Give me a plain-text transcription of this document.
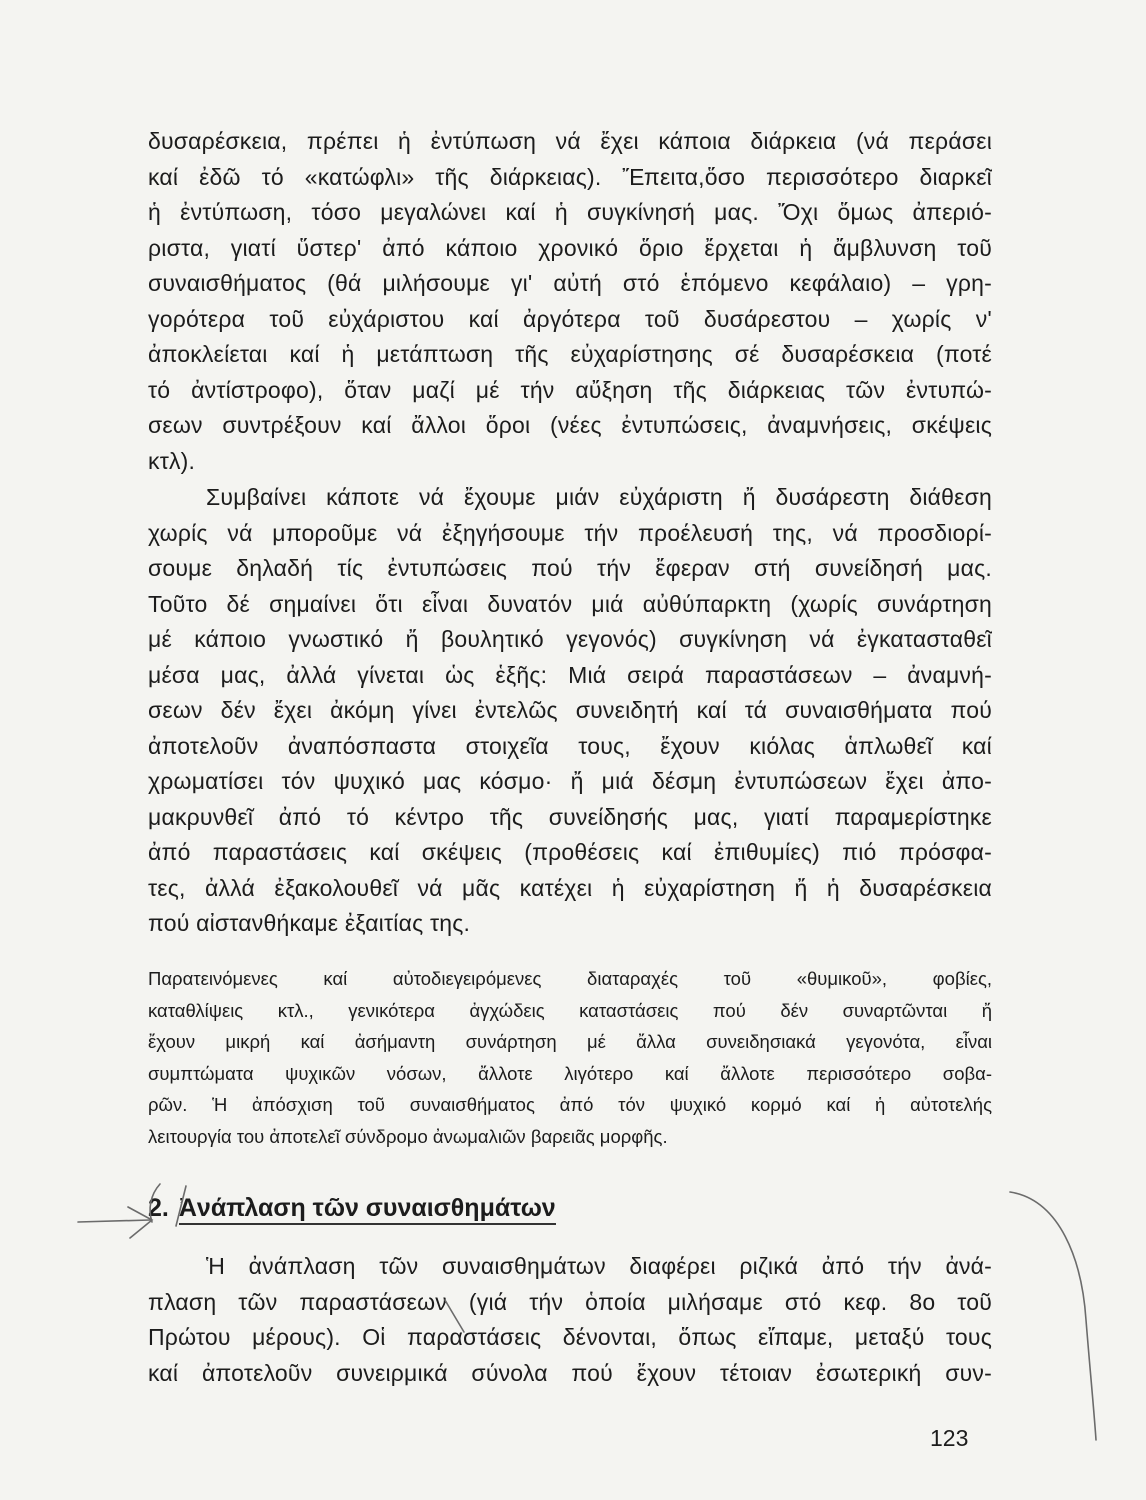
δυσαρέσκεια, πρέπει ἡ ἐντύπωση νά ἔχει κάποια διάρκεια (νά περάσει
καί ἐδῶ τό «κατώφλι» τῆς διάρκειας). Ἔπειτα,ὅσο περισσότερο διαρκεῖ
ἡ ἐντύπωση, τόσο μεγαλώνει καί ἡ συγκίνησή μας. Ὄχι ὅμως ἀπεριό-
ριστα, γιατί ὕστερ' ἀπό κάποιο χρονικό ὅριο ἔρχεται ἡ ἄμβλυνση τοῦ
συναισθήματος (θά μιλήσουμε γι' αὐτή στό ἑπόμενο κεφάλαιο) – γρη-
γορότερα τοῦ εὐχάριστου καί ἀργότερα τοῦ δυσάρεστου – χωρίς ν'
ἀποκλείεται καί ἡ μετάπτωση τῆς εὐχαρίστησης σέ δυσαρέσκεια (ποτέ
τό ἀντίστροφο), ὅταν μαζί μέ τήν αὔξηση τῆς διάρκειας τῶν ἐντυπώ-
σεων συντρέξουν καί ἄλλοι ὅροι (νέες ἐντυπώσεις, ἀναμνήσεις, σκέψεις
κτλ).
Συμβαίνει κάποτε νά ἔχουμε μιάν εὐχάριστη ἤ δυσάρεστη διάθεση
χωρίς νά μποροῦμε νά ἐξηγήσουμε τήν προέλευσή της, νά προσδιορί-
σουμε δηλαδή τίς ἐντυπώσεις πού τήν ἔφεραν στή συνείδησή μας.
Τοῦτο δέ σημαίνει ὅτι εἶναι δυνατόν μιά αὐθύπαρκτη (χωρίς συνάρτηση
μέ κάποιο γνωστικό ἤ βουλητικό γεγονός) συγκίνηση νά ἐγκατασταθεῖ
μέσα μας, ἀλλά γίνεται ὡς ἑξῆς: Μιά σειρά παραστάσεων – ἀναμνή-
σεων δέν ἔχει ἀκόμη γίνει ἐντελῶς συνειδητή καί τά συναισθήματα πού
ἀποτελοῦν ἀναπόσπαστα στοιχεῖα τους, ἔχουν κιόλας ἁπλωθεῖ καί
χρωματίσει τόν ψυχικό μας κόσμο· ἤ μιά δέσμη ἐντυπώσεων ἔχει ἀπο-
μακρυνθεῖ ἀπό τό κέντρο τῆς συνείδησής μας, γιατί παραμερίστηκε
ἀπό παραστάσεις καί σκέψεις (προθέσεις καί ἐπιθυμίες) πιό πρόσφα-
τες, ἀλλά ἐξακολουθεῖ νά μᾶς κατέχει ἡ εὐχαρίστηση ἤ ἡ δυσαρέσκεια
πού αἰστανθήκαμε ἐξαιτίας της.
Παρατεινόμενες καί αὐτοδιεγειρόμενες διαταραχές τοῦ «θυμικοῦ», φοβίες,
καταθλίψεις κτλ., γενικότερα ἀγχώδεις καταστάσεις πού δέν συναρτῶνται ἤ
ἔχουν μικρή καί ἀσήμαντη συνάρτηση μέ ἄλλα συνειδησιακά γεγονότα, εἶναι
συμπτώματα ψυχικῶν νόσων, ἄλλοτε λιγότερο καί ἄλλοτε περισσότερο σοβα-
ρῶν. Ἡ ἀπόσχιση τοῦ συναισθήματος ἀπό τόν ψυχικό κορμό καί ἡ αὐτοτελής
λειτουργία του ἀποτελεῖ σύνδρομο ἀνωμαλιῶν βαρειᾶς μορφῆς.
2. Ἀνάπλαση τῶν συναισθημάτων
Ἡ ἀνάπλαση τῶν συναισθημάτων διαφέρει ριζικά ἀπό τήν ἀνά-
πλαση τῶν παραστάσεων (γιά τήν ὁποία μιλήσαμε στό κεφ. 8ο τοῦ
Πρώτου μέρους). Οἱ παραστάσεις δένονται, ὅπως εἴπαμε, μεταξύ τους
καί ἀποτελοῦν συνειρμικά σύνολα πού ἔχουν τέτοιαν ἐσωτερική συν-
123
